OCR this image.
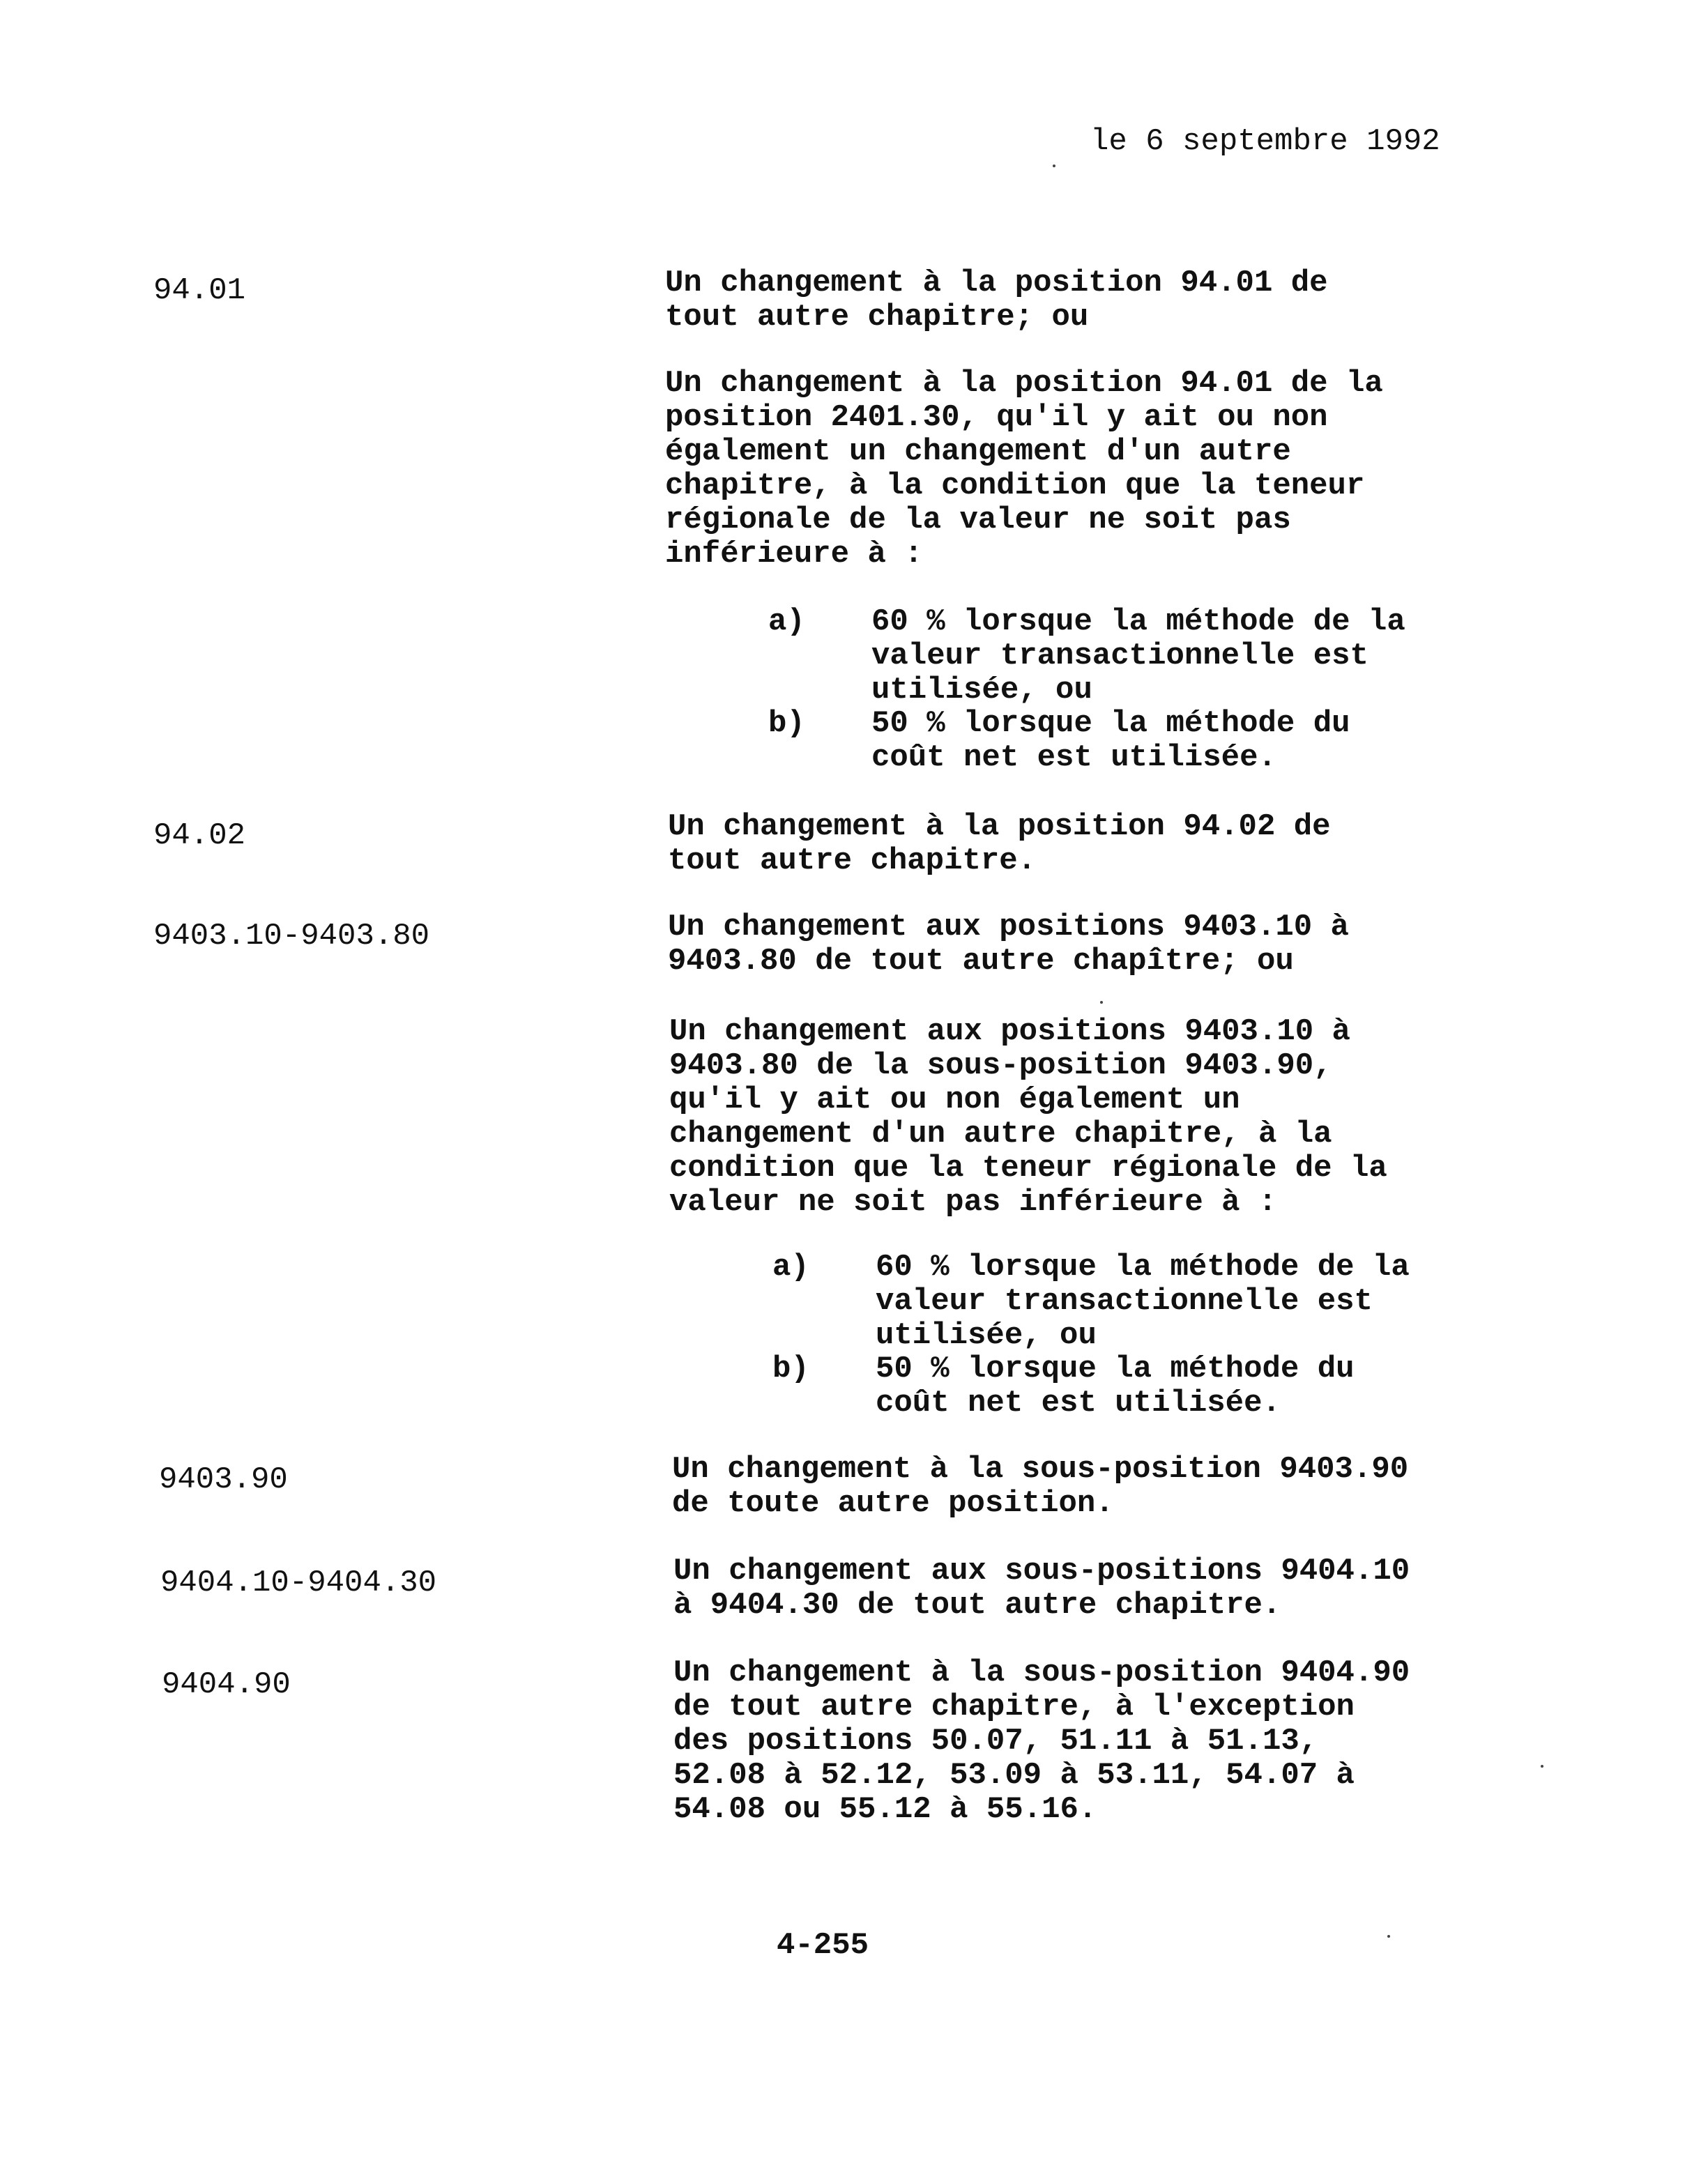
le 6 septembre 1992
94.01	Un changement à la position 94.01 de
tout autre chapitre; ou
Un changement à la position 94.01 de la
position 2401.30, qu'il y ait ou non
également un changement d'un autre
chapitre, à la condition que la teneur
régionale de la valeur ne soit pas
inférieure à :

a)

60 % lorsque la méthode de la
valeur transactionnelle est
utilisée, ou

b)

50 % lorsque la méthode du
coût net est utilisée.

94.02	Un changement à la position 94.02 de
tout autre chapitre.
9403.10-9403.80	Un changement aux positions 9403.10 à
9403.80 de tout autre chapître; ou
Un changement aux positions 9403.10 à
9403.80 de la sous-position 9403.90,
qu'il y ait ou non également un
changement d'un autre chapitre, à la
condition que la teneur régionale de la
valeur ne soit pas inférieure à :

a)

60 % lorsque la méthode de la
valeur transactionnelle est
utilisée, ou

b)

50 % lorsque la méthode du
coût net est utilisée.

9403.90	Un changement à la sous-position 9403.90
de toute autre position.
9404.10-9404.30	Un changement aux sous-positions 9404.10
à 9404.30 de tout autre chapitre.
9404.90	Un changement à la sous-position 9404.90
de tout autre chapitre, à l'exception
des positions 50.07, 51.11 à 51.13,
52.08 à 52.12, 53.09 à 53.11, 54.07 à
54.08 ou 55.12 à 55.16.
4-255
